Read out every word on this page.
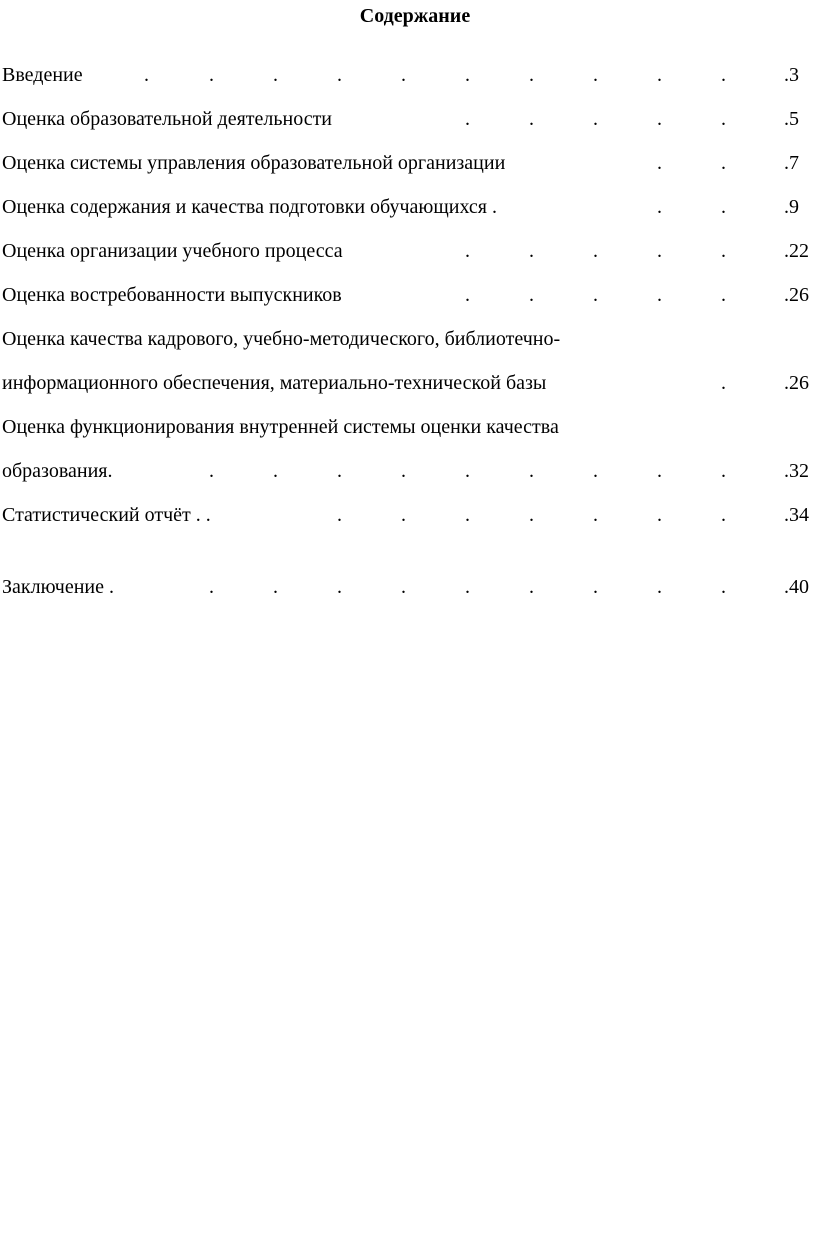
Содержание
Введение	.	.	.	.	.	.	.	.	.	.	.3
Оценка образовательной деятельности	.	.	.	.	.	.5
Оценка системы управления образовательной организации	.	.	.7
Оценка содержания и качества подготовки обучающихся .	.	.	.9
Оценка организации учебного процесса	.	.	.	.	.	.22
Оценка востребованности выпускников	.	.	.	.	.	.26
Оценка качества кадрового, учебно-методического, библиотечно-
информационного обеспечения, материально-технической базы	.	.26
Оценка функционирования внутренней системы оценки качества
образования.	.	.	.	.	.	.	.	.	.	.32
Статистический отчёт . .	.	.	.	.	.	.	.	.34
Заключение .	.	.	.	.	.	.	.	.	.	.40
